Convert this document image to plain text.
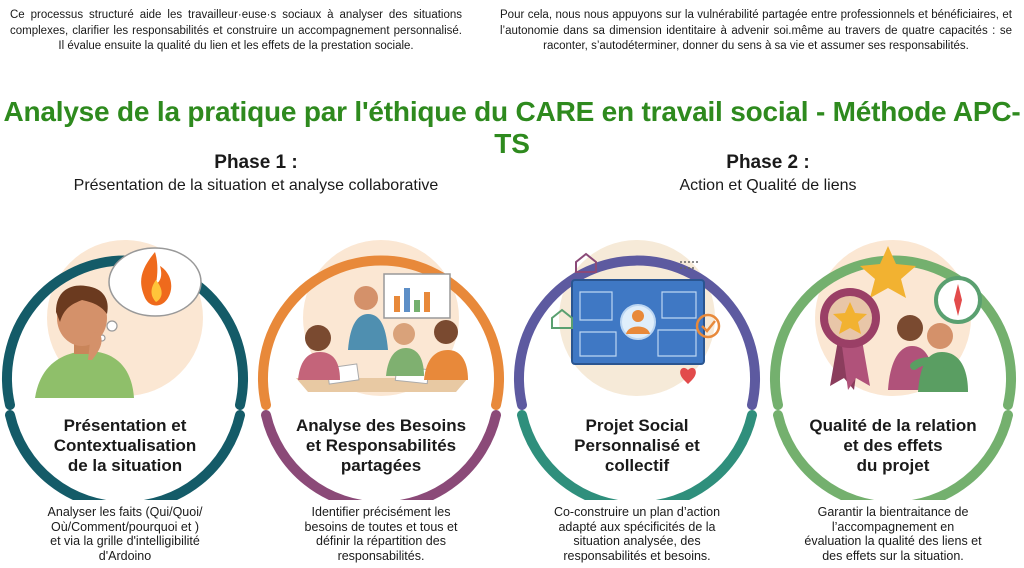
Ce processus structuré aide les travailleur·euse·s sociaux à analyser des situations complexes, clarifier les responsabilités et construire un accompagnement personnalisé. Il évalue ensuite la qualité du lien et les effets de la prestation sociale.
Pour cela, nous nous appuyons sur la vulnérabilité partagée entre professionnels et bénéficiaires, et l’autonomie dans sa dimension identitaire à advenir soi.même au travers de quatre capacités : se raconter, s’autodéterminer, donner du sens à sa vie et assumer ses responsabilités.
Analyse de la pratique par l'éthique du CARE en travail social - Méthode APC-TS
Phase 1 :
Présentation de la situation et analyse collaborative
Phase 2 :
Action et Qualité de liens
Présentation et
Contextualisation
de la situation
Analyser les faits (Qui/Quoi/
Où/Comment/pourquoi et )
et via la grille d'intelligibilité
d'Ardoino
Analyse des Besoins
et Responsabilités
partagées
Identifier précisément les
besoins de toutes et tous et
définir la répartition des
responsabilités.
Projet Social
Personnalisé et
collectif
Co-construire un plan d’action
adapté aux spécificités de la
situation analysée, des
responsabilités et besoins.
Qualité de la relation
et des effets
du projet
Garantir la bientraitance de
l’accompagnement en
évaluation la qualité des liens et
des effets sur la situation.
